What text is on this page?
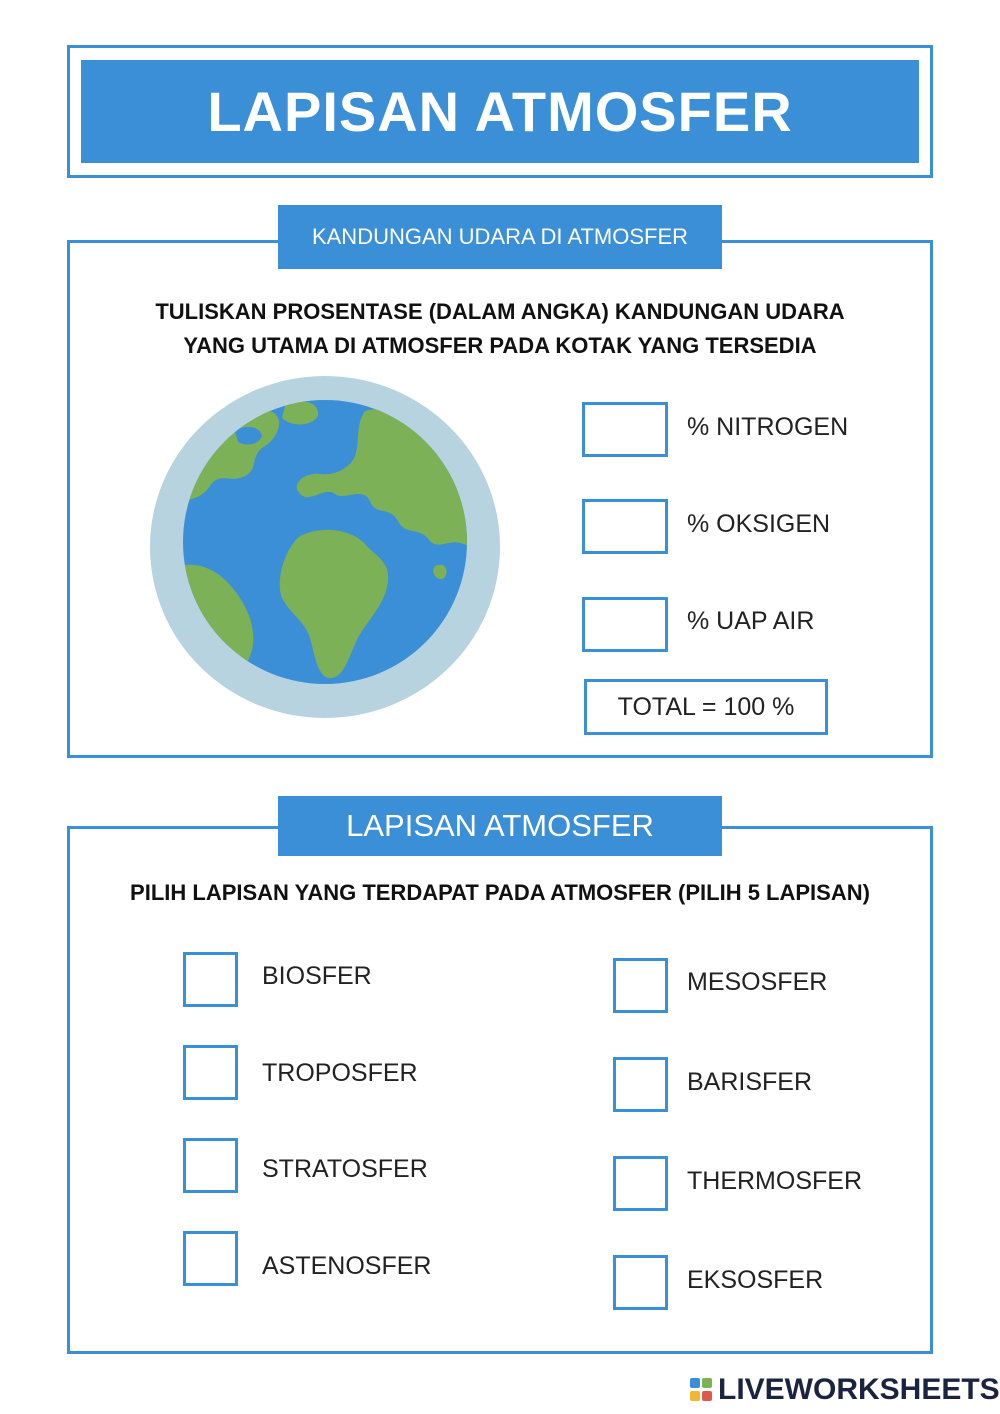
LAPISAN ATMOSFER
KANDUNGAN UDARA DI ATMOSFER
TULISKAN PROSENTASE (DALAM ANGKA) KANDUNGAN UDARA
YANG UTAMA DI ATMOSFER PADA KOTAK YANG TERSEDIA
% NITROGEN
% OKSIGEN
% UAP AIR
TOTAL = 100 %
LAPISAN ATMOSFER
PILIH LAPISAN YANG TERDAPAT PADA ATMOSFER (PILIH 5 LAPISAN)
BIOSFER
TROPOSFER
STRATOSFER
ASTENOSFER
MESOSFER
BARISFER
THERMOSFER
EKSOSFER
LIVEWORKSHEETS
